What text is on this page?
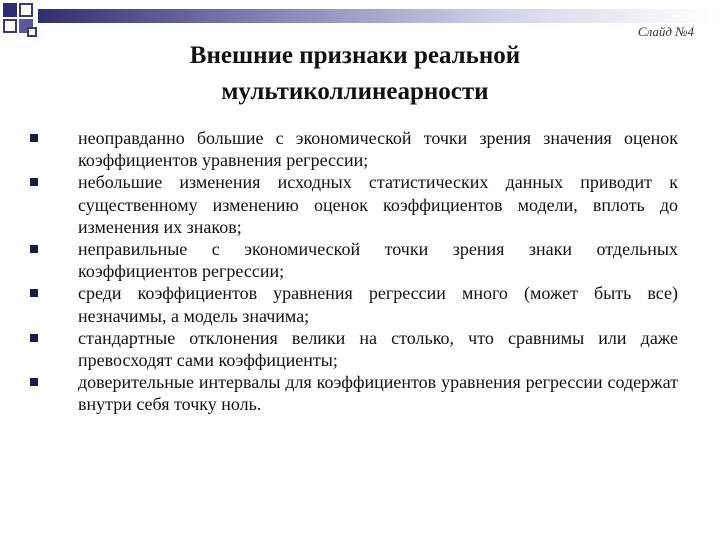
Слайд №4
Внешние признаки реальной мультиколлинеарности
неоправданно большие с экономической точки зрения значения оценок коэффициентов уравнения регрессии;
небольшие изменения исходных статистических данных приводит к существенному изменению оценок коэффициентов модели, вплоть до изменения их знаков;
неправильные с экономической точки зрения знаки отдельных коэффициентов регрессии;
среди коэффициентов уравнения регрессии много (может быть все) незначимы, а модель значима;
стандартные отклонения велики на столько, что сравнимы или даже превосходят сами коэффициенты;
доверительные интервалы для коэффициентов уравнения регрессии содержат внутри себя точку ноль.
